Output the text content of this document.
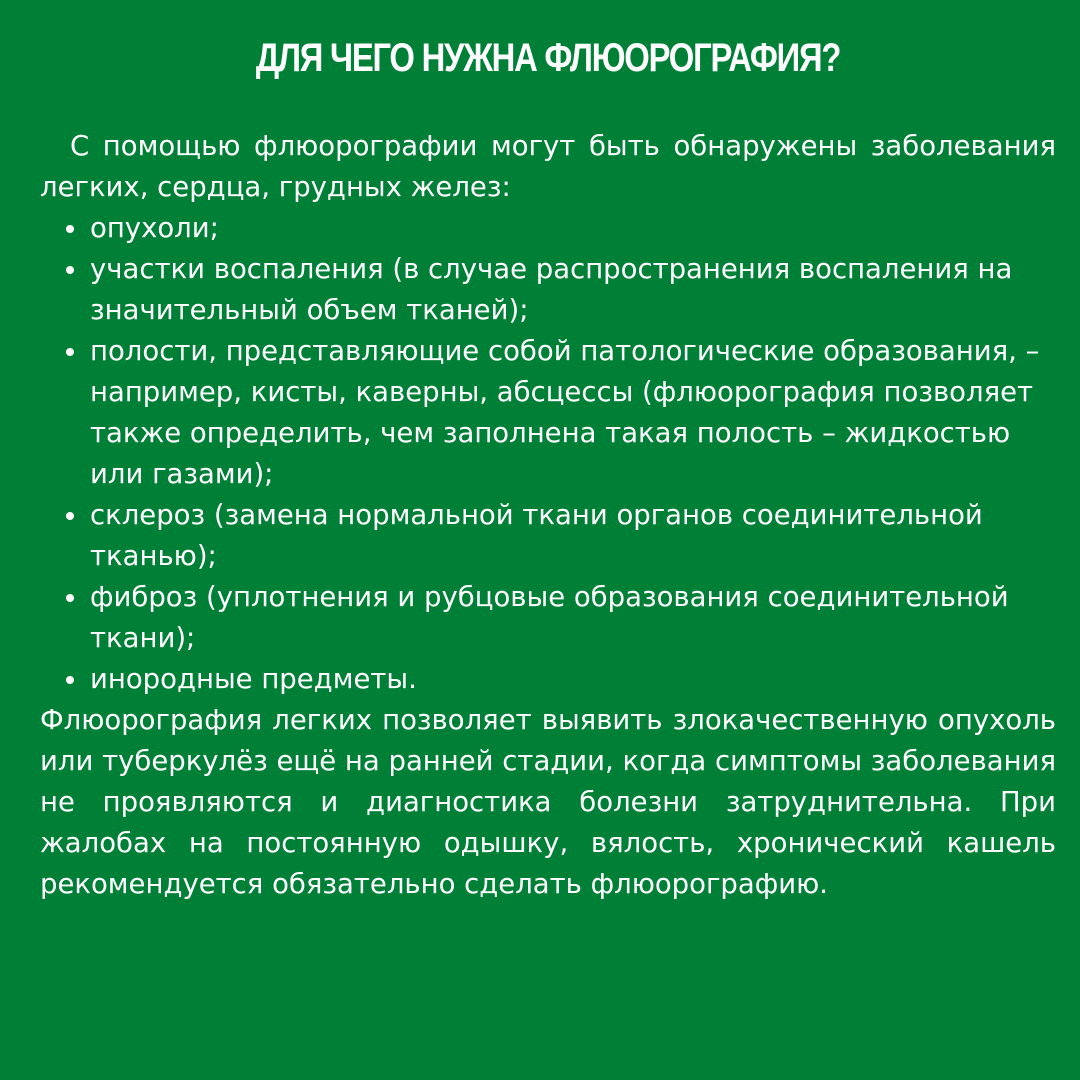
ДЛЯ ЧЕГО НУЖНА ФЛЮОРОГРАФИЯ?

С помощью флюорографии могут быть обнаружены заболевания легких, сердца, грудных желез:

опухоли;
участки воспаления (в случае распространения воспаления на значительный объем тканей);
полости, представляющие собой патологические образования, – например, кисты, каверны, абсцессы (флюорография позволяет также определить, чем заполнена такая полость – жидкостью или газами);
склероз (замена нормальной ткани органов соединительной тканью);
фиброз (уплотнения и рубцовые образования соединительной ткани);
инородные предметы.

Флюорография легких позволяет выявить злокачественную опухоль или туберкулёз ещё на ранней стадии, когда симптомы заболевания не проявляются и диагностика болезни затруднительна. При жалобах на постоянную одышку, вялость, хронический кашель рекомендуется обязательно сделать флюорографию.
